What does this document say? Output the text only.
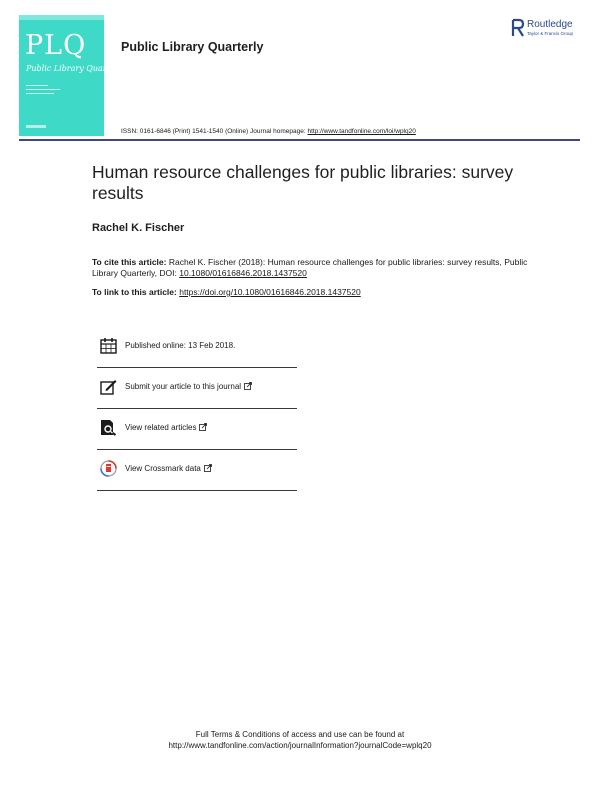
PLQ
Public Library Quarterly
Public Library Quarterly
Routledge
Taylor & Francis Group
ISSN: 0161-6846 (Print) 1541-1540 (Online) Journal homepage: http://www.tandfonline.com/loi/wplq20
Human resource challenges for public libraries: survey results
Rachel K. Fischer
To cite this article: Rachel K. Fischer (2018): Human resource challenges for public libraries: survey results, Public Library Quarterly, DOI: 10.1080/01616846.2018.1437520
To link to this article: https://doi.org/10.1080/01616846.2018.1437520
Published online: 13 Feb 2018.
Submit your article to this journal
View related articles
View Crossmark data
Full Terms & Conditions of access and use can be found at
http://www.tandfonline.com/action/journalInformation?journalCode=wplq20
